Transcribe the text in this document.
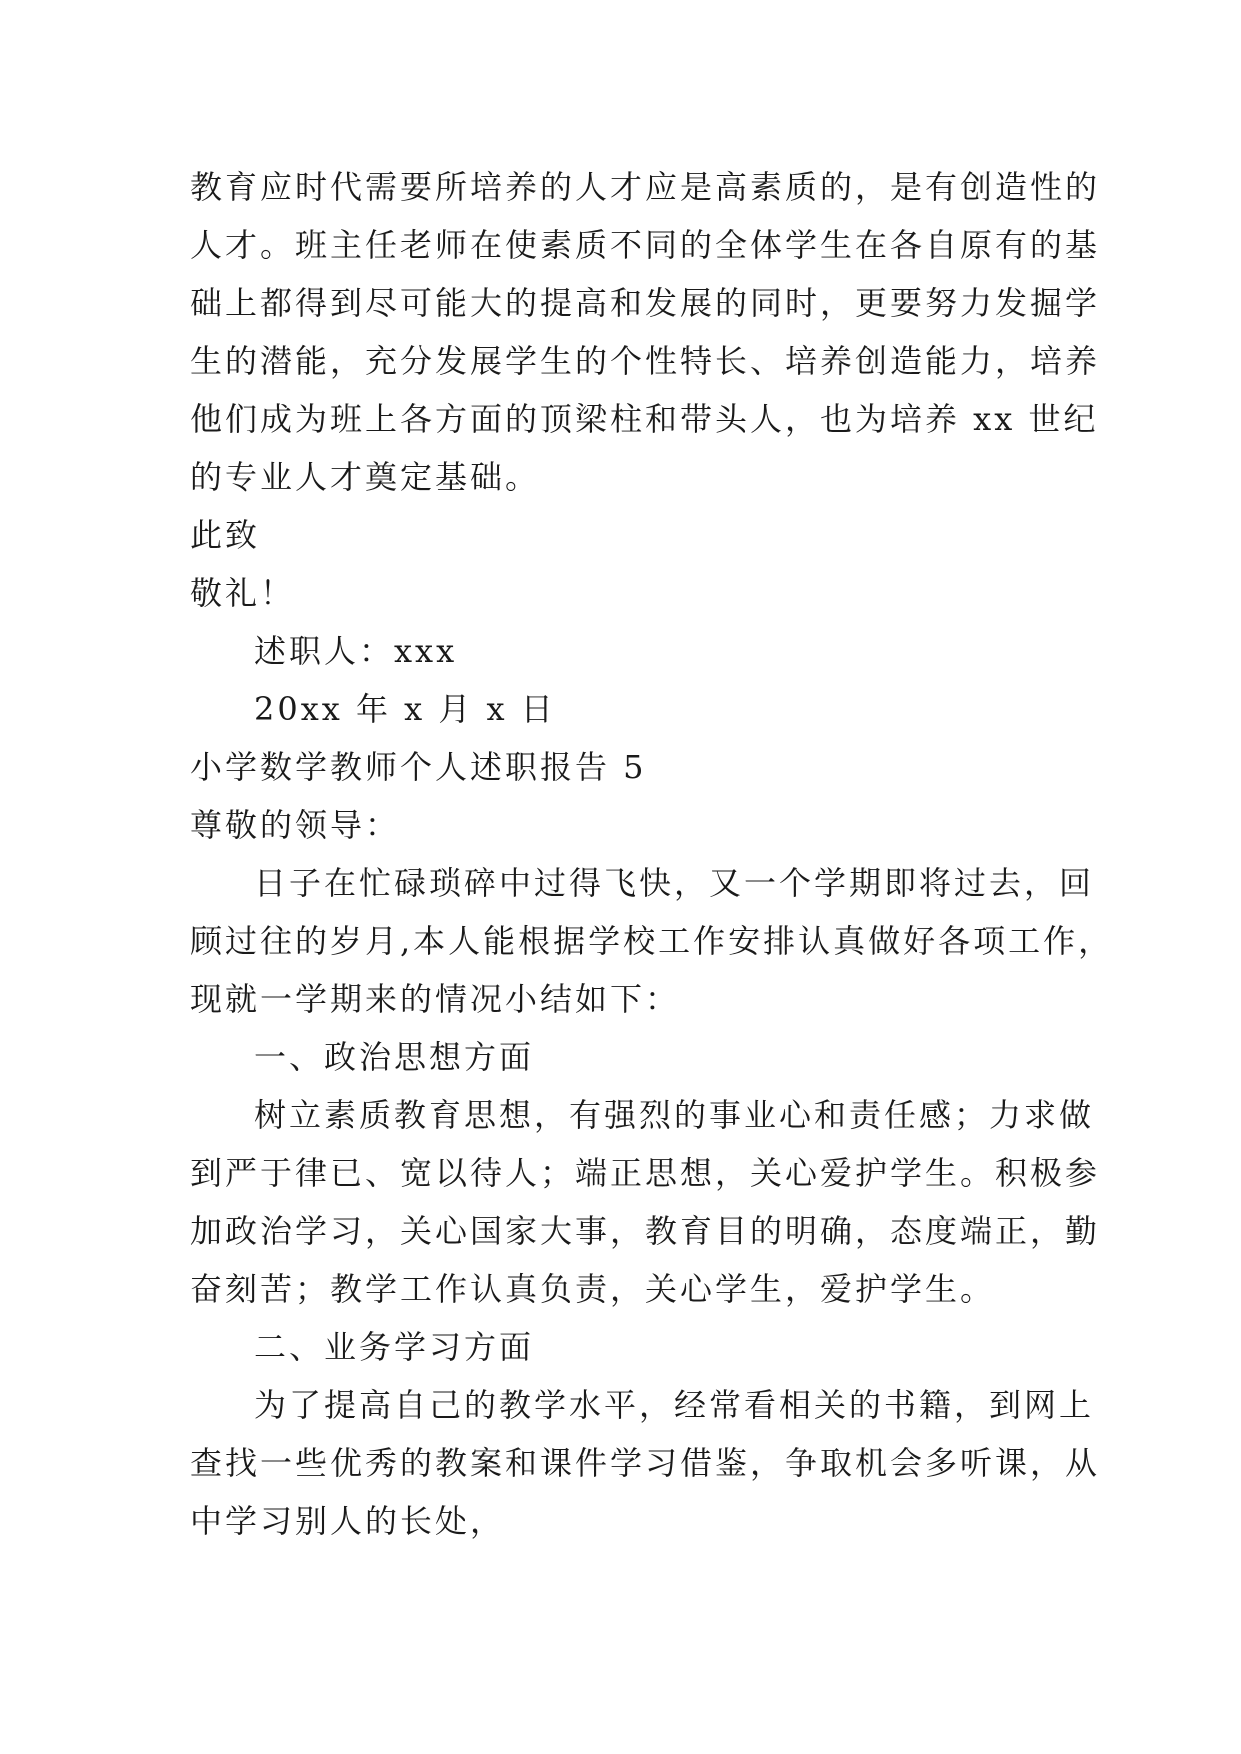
教育应时代需要所培养的人才应是高素质的，是有创造性的
人才。班主任老师在使素质不同的全体学生在各自原有的基
础上都得到尽可能大的提高和发展的同时，更要努力发掘学
生的潜能，充分发展学生的个性特长、培养创造能力，培养
他们成为班上各方面的顶梁柱和带头人，也为培养 xx 世纪
的专业人才奠定基础。
此致
敬礼！
述职人：xxx
20xx 年 x 月 x 日
小学数学教师个人述职报告 5
尊敬的领导：
日子在忙碌琐碎中过得飞快，又一个学期即将过去，回
顾过往的岁月,本人能根据学校工作安排认真做好各项工作，
现就一学期来的情况小结如下：
一、政治思想方面
树立素质教育思想，有强烈的事业心和责任感；力求做
到严于律已、宽以待人；端正思想，关心爱护学生。积极参
加政治学习，关心国家大事，教育目的明确，态度端正，勤
奋刻苦；教学工作认真负责，关心学生，爱护学生。
二、业务学习方面
为了提高自己的教学水平，经常看相关的书籍，到网上
查找一些优秀的教案和课件学习借鉴，争取机会多听课，从
中学习别人的长处，
